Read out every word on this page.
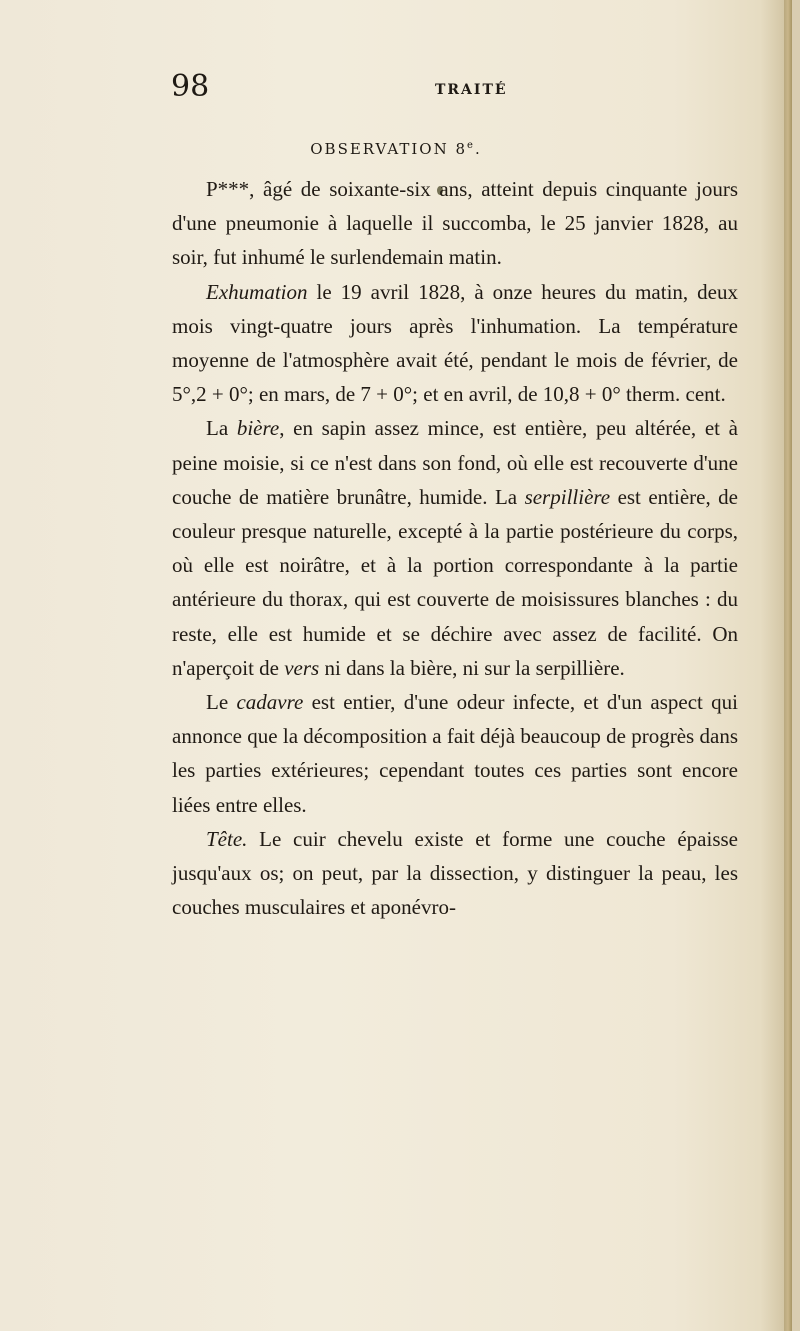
98	TRAITÉ
OBSERVATION 8e.

P***, âgé de soixante-six ans, atteint depuis cinquante jours d'une pneumonie à laquelle il succomba, le 25 janvier 1828, au soir, fut inhumé le surlendemain matin.

Exhumation le 19 avril 1828, à onze heures du matin, deux mois vingt-quatre jours après l'inhumation. La température moyenne de l'atmosphère avait été, pendant le mois de février, de 5°,2 + 0°; en mars, de 7 + 0°; et en avril, de 10,8 + 0° therm. cent.

La bière, en sapin assez mince, est entière, peu altérée, et à peine moisie, si ce n'est dans son fond, où elle est recouverte d'une couche de matière brunâtre, humide. La serpillière est entière, de couleur presque naturelle, excepté à la partie postérieure du corps, où elle est noirâtre, et à la portion correspondante à la partie antérieure du thorax, qui est couverte de moisissures blanches : du reste, elle est humide et se déchire avec assez de facilité. On n'aperçoit de vers ni dans la bière, ni sur la serpillière.

Le cadavre est entier, d'une odeur infecte, et d'un aspect qui annonce que la décomposition a fait déjà beaucoup de progrès dans les parties extérieures; cependant toutes ces parties sont encore liées entre elles.

Tête. Le cuir chevelu existe et forme une couche épaisse jusqu'aux os; on peut, par la dissection, y distinguer la peau, les couches musculaires et aponévro-
